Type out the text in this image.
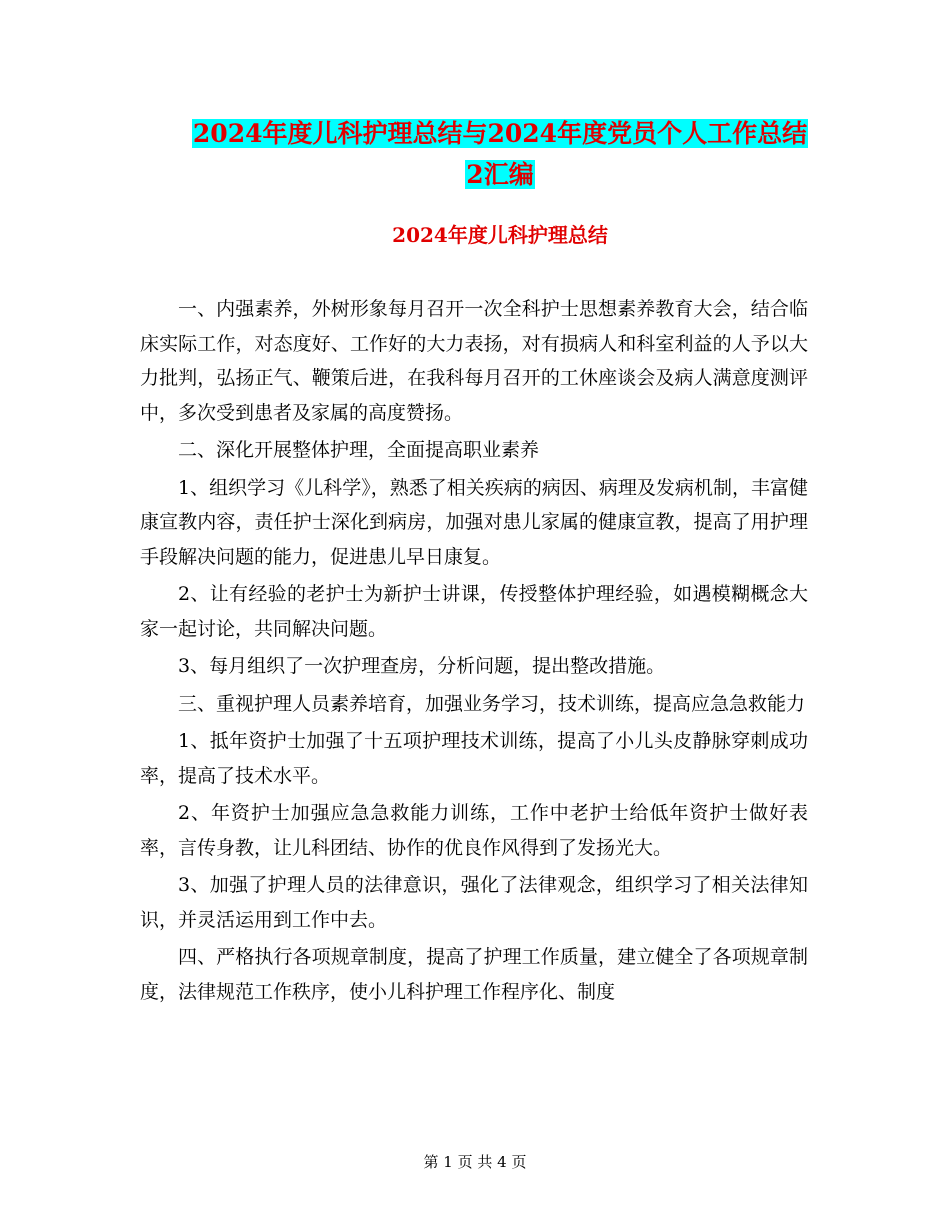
2024年度儿科护理总结与2024年度党员个人工作总结
2汇编
2024年度儿科护理总结

一、内强素养，外树形象每月召开一次全科护士思想素养教育大会，结合临床实际工作，对态度好、工作好的大力表扬，对有损病人和科室利益的人予以大力批判，弘扬正气、鞭策后进，在我科每月召开的工休座谈会及病人满意度测评中，多次受到患者及家属的高度赞扬。

二、深化开展整体护理，全面提高职业素养

1、组织学习《儿科学》，熟悉了相关疾病的病因、病理及发病机制，丰富健康宣教内容，责任护士深化到病房，加强对患儿家属的健康宣教，提高了用护理手段解决问题的能力，促进患儿早日康复。

2、让有经验的老护士为新护士讲课，传授整体护理经验，如遇模糊概念大家一起讨论，共同解决问题。

3、每月组织了一次护理查房，分析问题，提出整改措施。

三、重视护理人员素养培育，加强业务学习，技术训练，提高应急急救能力

1、抵年资护士加强了十五项护理技术训练，提高了小儿头皮静脉穿刺成功率，提高了技术水平。

2、年资护士加强应急急救能力训练，工作中老护士给低年资护士做好表率，言传身教，让儿科团结、协作的优良作风得到了发扬光大。

3、加强了护理人员的法律意识，强化了法律观念，组织学习了相关法律知识，并灵活运用到工作中去。

四、严格执行各项规章制度，提高了护理工作质量，建立健全了各项规章制度，法律规范工作秩序，使小儿科护理工作程序化、制度

第 1 页 共 4 页
